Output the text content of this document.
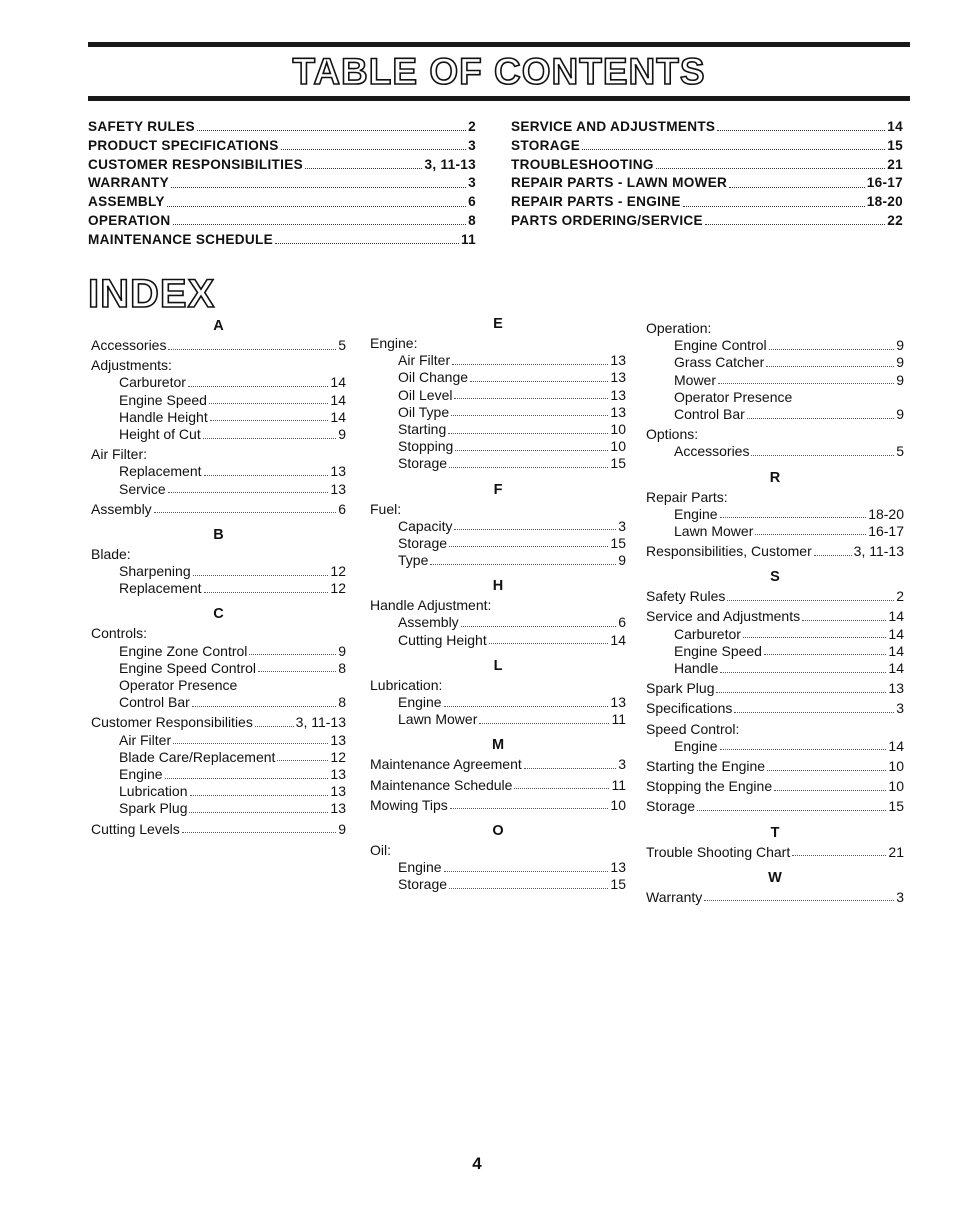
TABLE OF CONTENTS
SAFETY RULES	2
PRODUCT SPECIFICATIONS	3
CUSTOMER RESPONSIBILITIES	3, 11-13
WARRANTY	3
ASSEMBLY	6
OPERATION	8
MAINTENANCE SCHEDULE	11
SERVICE AND ADJUSTMENTS	14
STORAGE	15
TROUBLESHOOTING	21
REPAIR PARTS - LAWN MOWER	16-17
REPAIR PARTS - ENGINE	18-20
PARTS ORDERING/SERVICE	22
INDEX
A
Accessories	5
Adjustments:
Carburetor	14
Engine Speed	14
Handle Height	14
Height of Cut	9
Air Filter:
Replacement	13
Service	13
Assembly	6
B
Blade:
Sharpening	12
Replacement	12
C
Controls:
Engine Zone Control	9
Engine Speed Control	8
Operator Presence
Control Bar	8
Customer Responsibilities	3, 11-13
Air Filter	13
Blade Care/Replacement	12
Engine	13
Lubrication	13
Spark Plug	13
Cutting Levels	9
E
Engine:
Air Filter	13
Oil Change	13
Oil Level	13
Oil Type	13
Starting	10
Stopping	10
Storage	15
F
Fuel:
Capacity	3
Storage	15
Type	9
H
Handle Adjustment:
Assembly	6
Cutting Height	14
L
Lubrication:
Engine	13
Lawn Mower	11
M
Maintenance Agreement	3
Maintenance Schedule	11
Mowing Tips	10
O
Oil:
Engine	13
Storage	15
Operation:
Engine Control	9
Grass Catcher	9
Mower	9
Operator Presence
Control Bar	9
Options:
Accessories	5
R
Repair Parts:
Engine	18-20
Lawn Mower	16-17
Responsibilities, Customer	3, 11-13
S
Safety Rules	2
Service and Adjustments	14
Carburetor	14
Engine Speed	14
Handle	14
Spark Plug	13
Specifications	3
Speed Control:
Engine	14
Starting the Engine	10
Stopping the Engine	10
Storage	15
T
Trouble Shooting Chart	21
W
Warranty	3
4
